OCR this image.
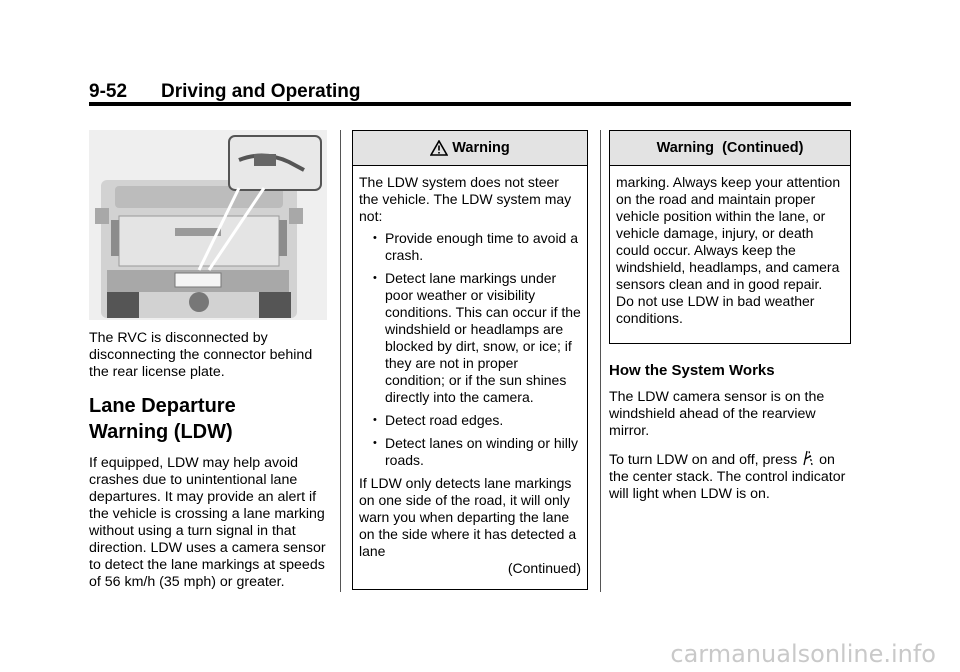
9-52 Driving and Operating

The RVC is disconnected by disconnecting the connector behind the rear license plate.

Lane Departure
Warning (LDW)

If equipped, LDW may help avoid crashes due to unintentional lane departures. It may provide an alert if the vehicle is crossing a lane marking without using a turn signal in that direction. LDW uses a camera sensor to detect the lane markings at speeds of 56 km/h (35 mph) or greater.

Warning

The LDW system does not steer the vehicle. The LDW system may not:

• Provide enough time to avoid a crash.
• Detect lane markings under poor weather or visibility conditions. This can occur if the windshield or headlamps are blocked by dirt, snow, or ice; if they are not in proper condition; or if the sun shines directly into the camera.
• Detect road edges.
• Detect lanes on winding or hilly roads.

If LDW only detects lane markings on one side of the road, it will only warn you when departing the lane on the side where it has detected a lane

(Continued)

Warning  (Continued)

marking. Always keep your attention on the road and maintain proper vehicle position within the lane, or vehicle damage, injury, or death could occur. Always keep the windshield, headlamps, and camera sensors clean and in good repair. Do not use LDW in bad weather conditions.

How the System Works

The LDW camera sensor is on the windshield ahead of the rearview mirror.

To turn LDW on and off, press  on the center stack. The control indicator will light when LDW is on.

carmanualsonline.info
